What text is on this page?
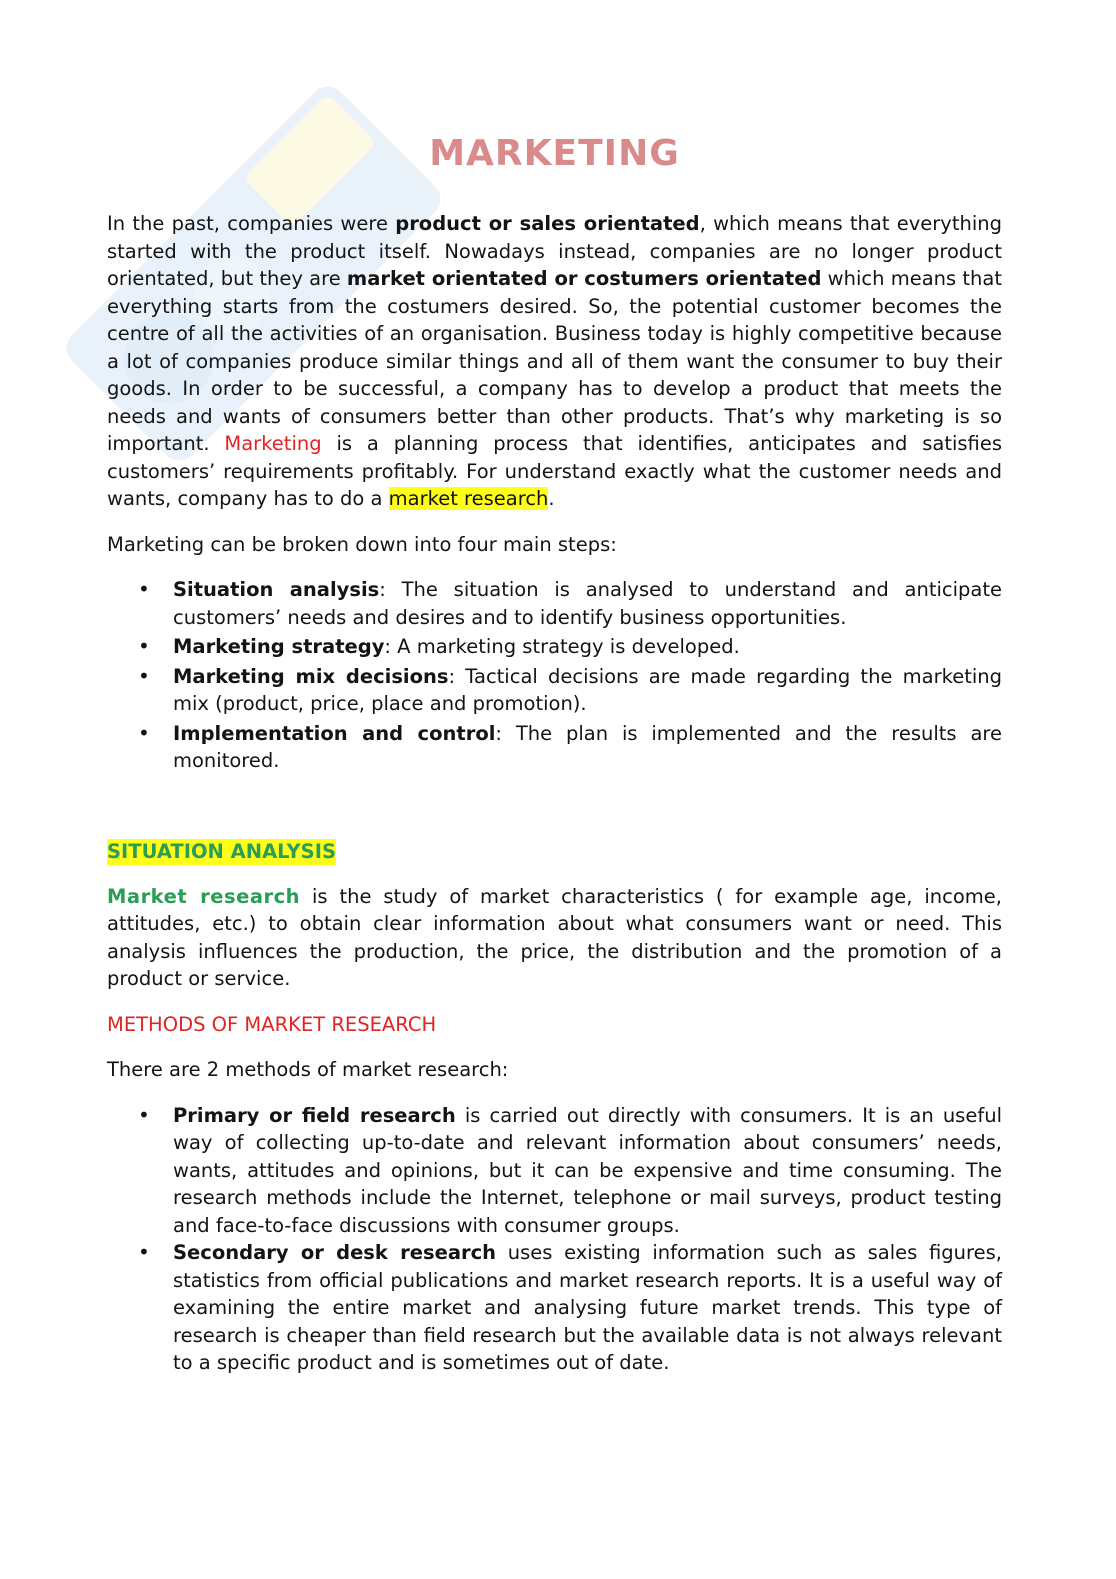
MARKETING

In the past, companies were product or sales orientated, which means that everything started with the product itself. Nowadays instead, companies are no longer product orientated, but they are market orientated or costumers orientated which means that everything starts from the costumers desired. So, the potential customer becomes the centre of all the activities of an organisation. Business today is highly competitive because a lot of companies produce similar things and all of them want the consumer to buy their goods. In order to be successful, a company has to develop a product that meets the needs and wants of consumers better than other products. That’s why marketing is so important. Marketing is a planning process that identifies, anticipates and satisfies customers’ requirements profitably. For understand exactly what the customer needs and wants, company has to do a market research.

Marketing can be broken down into four main steps:

• Situation analysis: The situation is analysed to understand and anticipate customers’ needs and desires and to identify business opportunities.
• Marketing strategy: A marketing strategy is developed.
• Marketing mix decisions: Tactical decisions are made regarding the marketing mix (product, price, place and promotion).
• Implementation and control: The plan is implemented and the results are monitored.
SITUATION ANALYSIS

Market research is the study of market characteristics ( for example age, income, attitudes, etc.) to obtain clear information about what consumers want or need. This analysis influences the production, the price, the distribution and the promotion of a product or service.

METHODS OF MARKET RESEARCH

There are 2 methods of market research:

• Primary or field research is carried out directly with consumers. It is an useful way of collecting up-to-date and relevant information about consumers’ needs, wants, attitudes and opinions, but it can be expensive and time consuming. The research methods include the Internet, telephone or mail surveys, product testing and face-to-face discussions with consumer groups.
• Secondary or desk research uses existing information such as sales figures, statistics from official publications and market research reports. It is a useful way of examining the entire market and analysing future market trends. This type of research is cheaper than field research but the available data is not always relevant to a specific product and is sometimes out of date.
